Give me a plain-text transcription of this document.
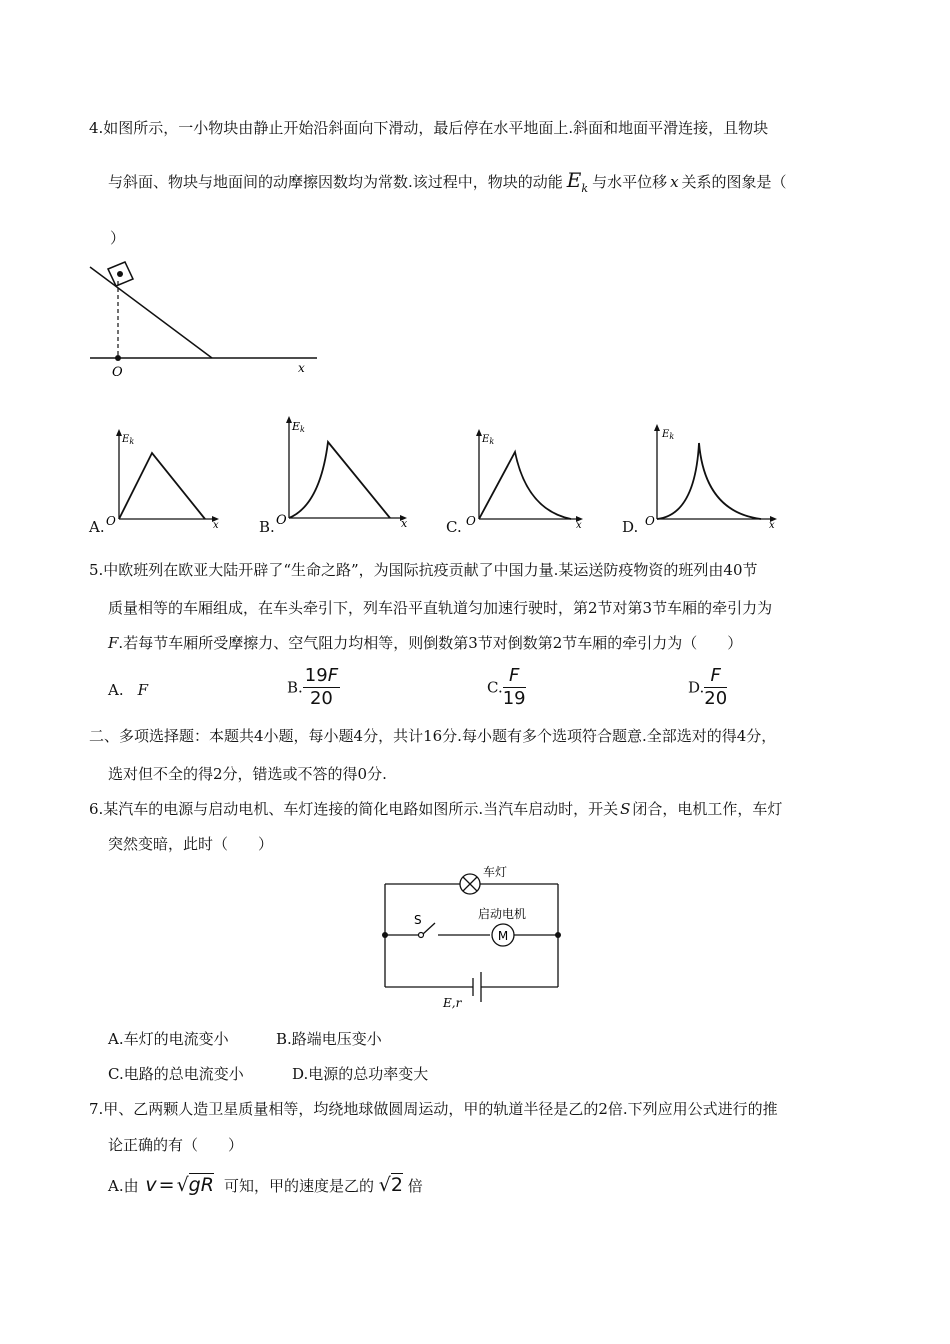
4.如图所示，一小物块由静止开始沿斜面向下滑动，最后停在水平地面上.斜面和地面平滑连接，且物块
与斜面、物块与地面间的动摩擦因数均为常数.该过程中，物块的动能 $E_k$ 与水平位移 x 关系的图象是（
）
O	x
A.
$E_k$
O	x	B.
Ek
O	x	C.
$E_k$
O	x	D.
$E_k$
O	x
5.中欧班列在欧亚大陆开辟了“生命之路”，为国际抗疫贡献了中国力量.某运送防疫物资的班列由40节
质量相等的车厢组成，在车头牵引下，列车沿平直轨道匀加速行驶时，第2节对第3节车厢的牵引力为
F.若每节车厢所受摩擦力、空气阻力均相等，则倒数第3节对倒数第2节车厢的牵引力为（　　）
A. F	B. $\frac{19F}{20}$	C. $\frac{F}{19}$	D. $\frac{F}{20}$
二、多项选择题：本题共4小题，每小题4分，共计16分.每小题有多个选项符合题意.全部选对的得4分，
选对但不全的得2分，错选或不答的得0分.
6.某汽车的电源与启动电机、车灯连接的简化电路如图所示.当汽车启动时，开关 S 闭合，电机工作，车灯
突然变暗，此时（　　）
车灯
S
M
启动电机
E,r
A.车灯的电流变小	B.路端电压变小
C.电路的总电流变小	D.电源的总功率变大
7.甲、乙两颗人造卫星质量相等，均绕地球做圆周运动，甲的轨道半径是乙的2倍.下列应用公式进行的推
论正确的有（　　）
A.由 v = √gR 可知，甲的速度是乙的 √2 倍
